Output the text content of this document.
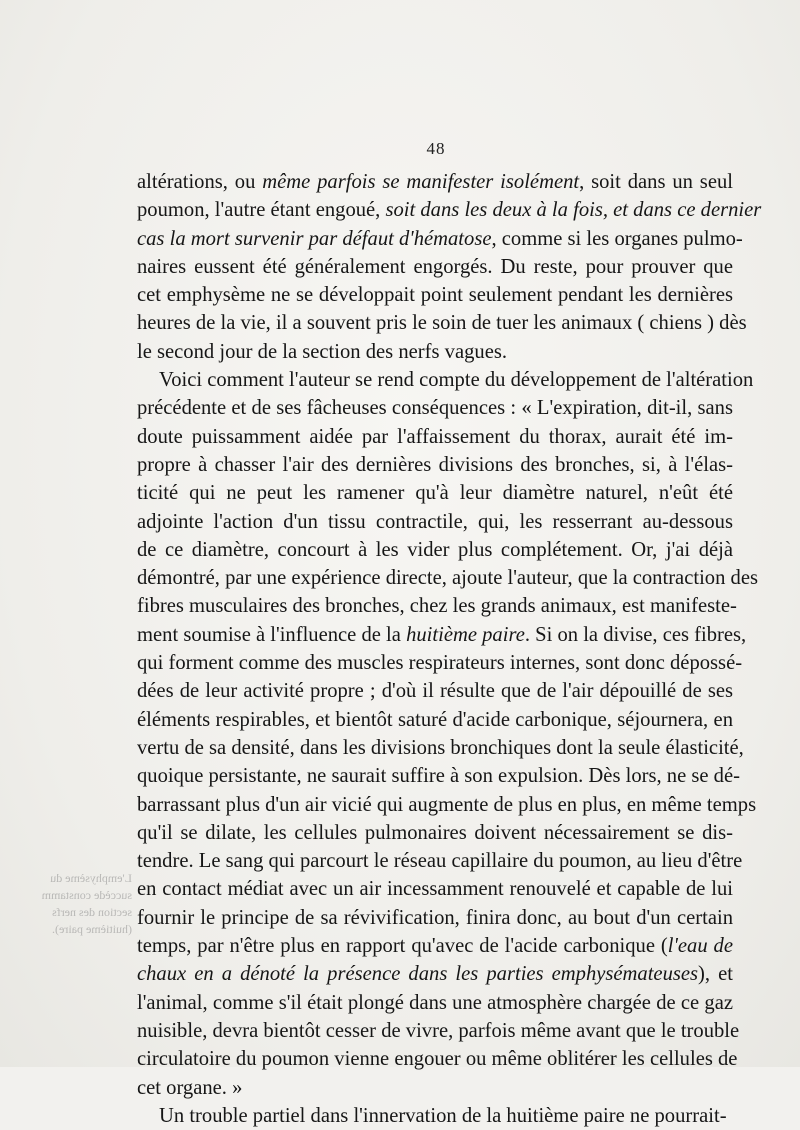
48
altérations, ou même parfois se manifester isolément, soit dans un seul
poumon, l'autre étant engoué, soit dans les deux à la fois, et dans ce dernier
cas la mort survenir par défaut d'hématose, comme si les organes pulmo-
naires eussent été généralement engorgés. Du reste, pour prouver que
cet emphysème ne se développait point seulement pendant les dernières
heures de la vie, il a souvent pris le soin de tuer les animaux ( chiens ) dès
le second jour de la section des nerfs vagues.
Voici comment l'auteur se rend compte du développement de l'altération
précédente et de ses fâcheuses conséquences : « L'expiration, dit-il, sans
doute puissamment aidée par l'affaissement du thorax, aurait été im-
propre à chasser l'air des dernières divisions des bronches, si, à l'élas-
ticité qui ne peut les ramener qu'à leur diamètre naturel, n'eût été
adjointe l'action d'un tissu contractile, qui, les resserrant au-dessous
de ce diamètre, concourt à les vider plus complétement. Or, j'ai déjà
démontré, par une expérience directe, ajoute l'auteur, que la contraction des
fibres musculaires des bronches, chez les grands animaux, est manifeste-
ment soumise à l'influence de la huitième paire. Si on la divise, ces fibres,
qui forment comme des muscles respirateurs internes, sont donc dépossé-
dées de leur activité propre ; d'où il résulte que de l'air dépouillé de ses
éléments respirables, et bientôt saturé d'acide carbonique, séjournera, en
vertu de sa densité, dans les divisions bronchiques dont la seule élasticité,
quoique persistante, ne saurait suffire à son expulsion. Dès lors, ne se dé-
barrassant plus d'un air vicié qui augmente de plus en plus, en même temps
qu'il se dilate, les cellules pulmonaires doivent nécessairement se dis-
tendre. Le sang qui parcourt le réseau capillaire du poumon, au lieu d'être
en contact médiat avec un air incessamment renouvelé et capable de lui
fournir le principe de sa révivification, finira donc, au bout d'un certain
temps, par n'être plus en rapport qu'avec de l'acide carbonique (l'eau de
chaux en a dénoté la présence dans les parties emphysémateuses), et
l'animal, comme s'il était plongé dans une atmosphère chargée de ce gaz
nuisible, devra bientôt cesser de vivre, parfois même avant que le trouble
circulatoire du poumon vienne engouer ou même oblitérer les cellules de
cet organe. »
Un trouble partiel dans l'innervation de la huitième paire ne pourrait-
L'emphysème du
succède constamm
section des nerfs
(huitième paire).
